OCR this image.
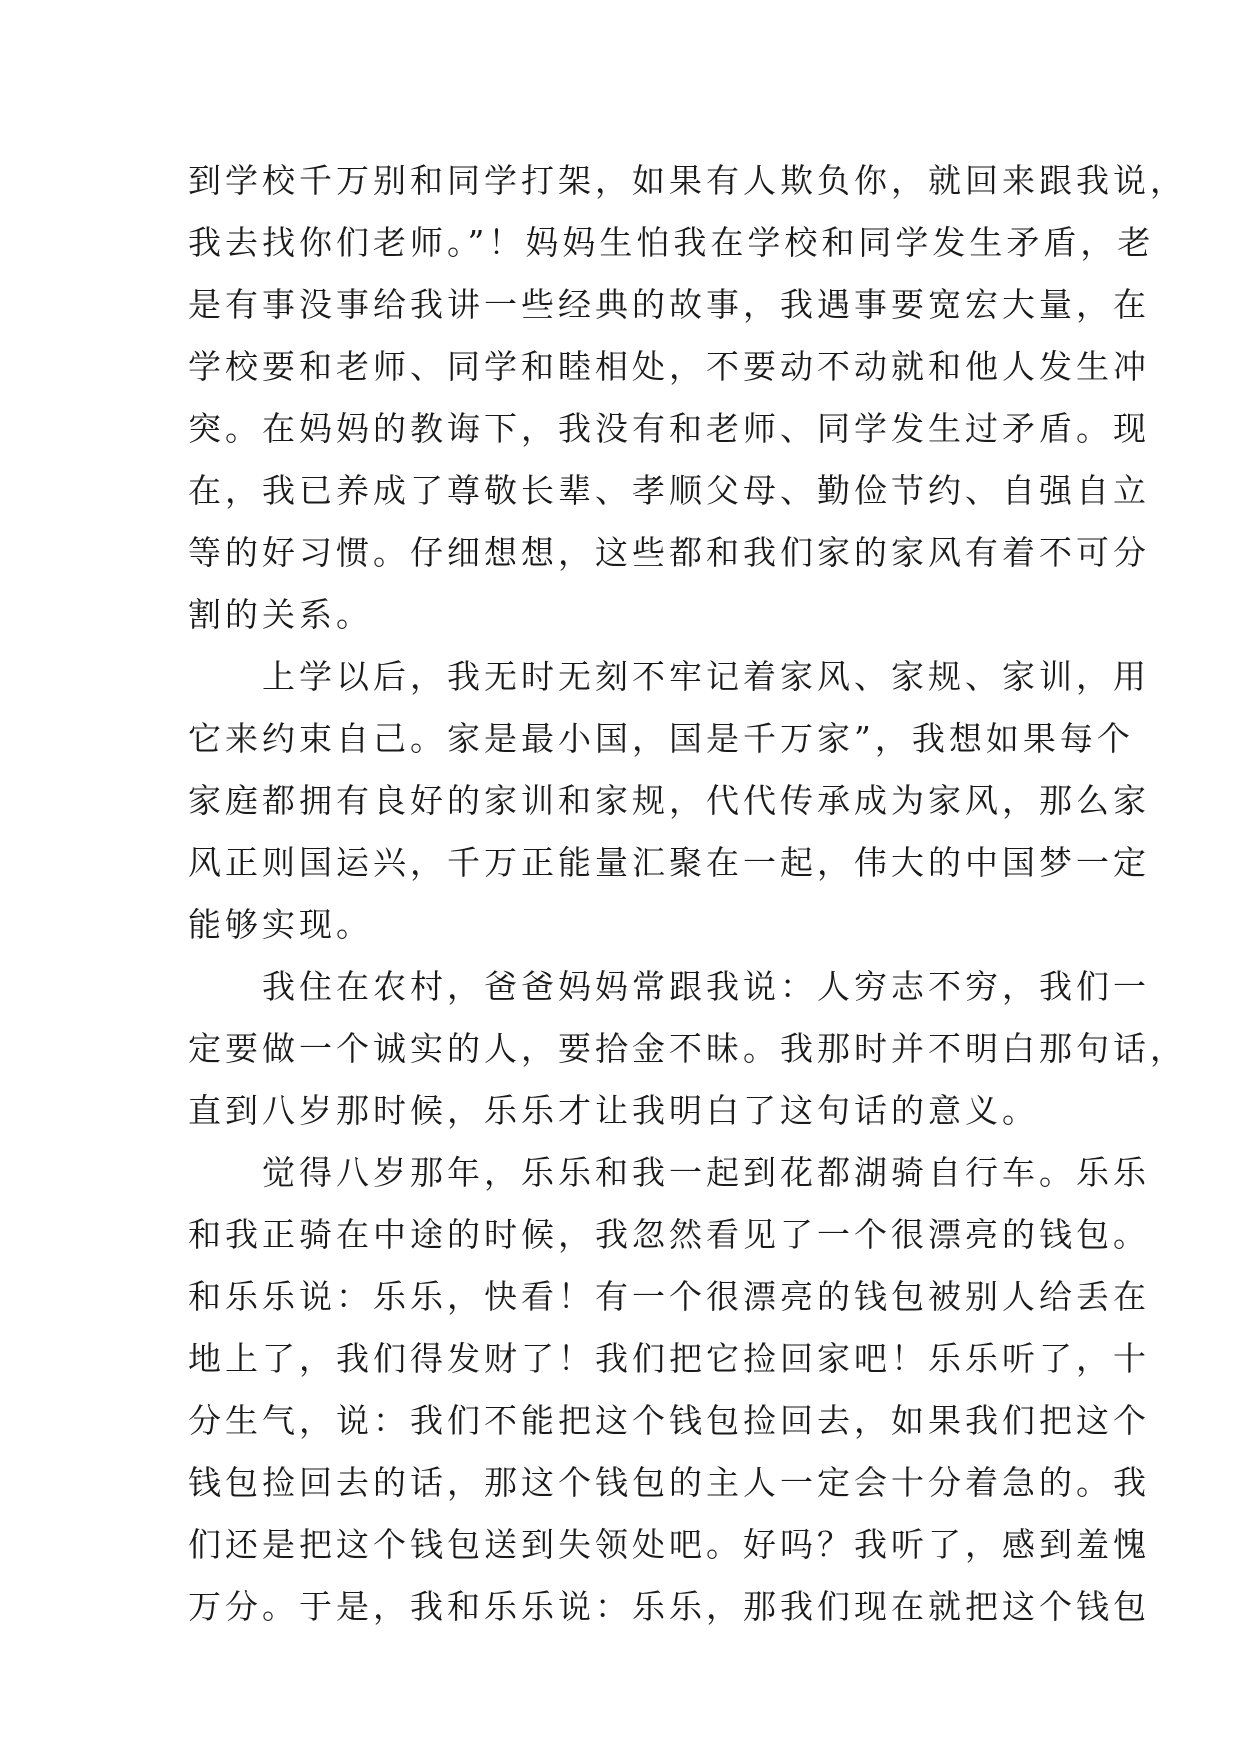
到学校千万别和同学打架，如果有人欺负你，就回来跟我说，
我去找你们老师。”！妈妈生怕我在学校和同学发生矛盾，老
是有事没事给我讲一些经典的故事，我遇事要宽宏大量，在
学校要和老师、同学和睦相处，不要动不动就和他人发生冲
突。在妈妈的教诲下，我没有和老师、同学发生过矛盾。现
在，我已养成了尊敬长辈、孝顺父母、勤俭节约、自强自立
等的好习惯。仔细想想，这些都和我们家的家风有着不可分
割的关系。
　　上学以后，我无时无刻不牢记着家风、家规、家训，用
它来约束自己。家是最小国，国是千万家”，我想如果每个
家庭都拥有良好的家训和家规，代代传承成为家风，那么家
风正则国运兴，千万正能量汇聚在一起，伟大的中国梦一定
能够实现。
　　我住在农村，爸爸妈妈常跟我说：人穷志不穷，我们一
定要做一个诚实的人，要拾金不昧。我那时并不明白那句话，
直到八岁那时候，乐乐才让我明白了这句话的意义。
　　觉得八岁那年，乐乐和我一起到花都湖骑自行车。乐乐
和我正骑在中途的时候，我忽然看见了一个很漂亮的钱包。
和乐乐说：乐乐，快看！有一个很漂亮的钱包被别人给丢在
地上了，我们得发财了！我们把它捡回家吧！乐乐听了，十
分生气，说：我们不能把这个钱包捡回去，如果我们把这个
钱包捡回去的话，那这个钱包的主人一定会十分着急的。我
们还是把这个钱包送到失领处吧。好吗？我听了，感到羞愧
万分。于是，我和乐乐说：乐乐，那我们现在就把这个钱包
